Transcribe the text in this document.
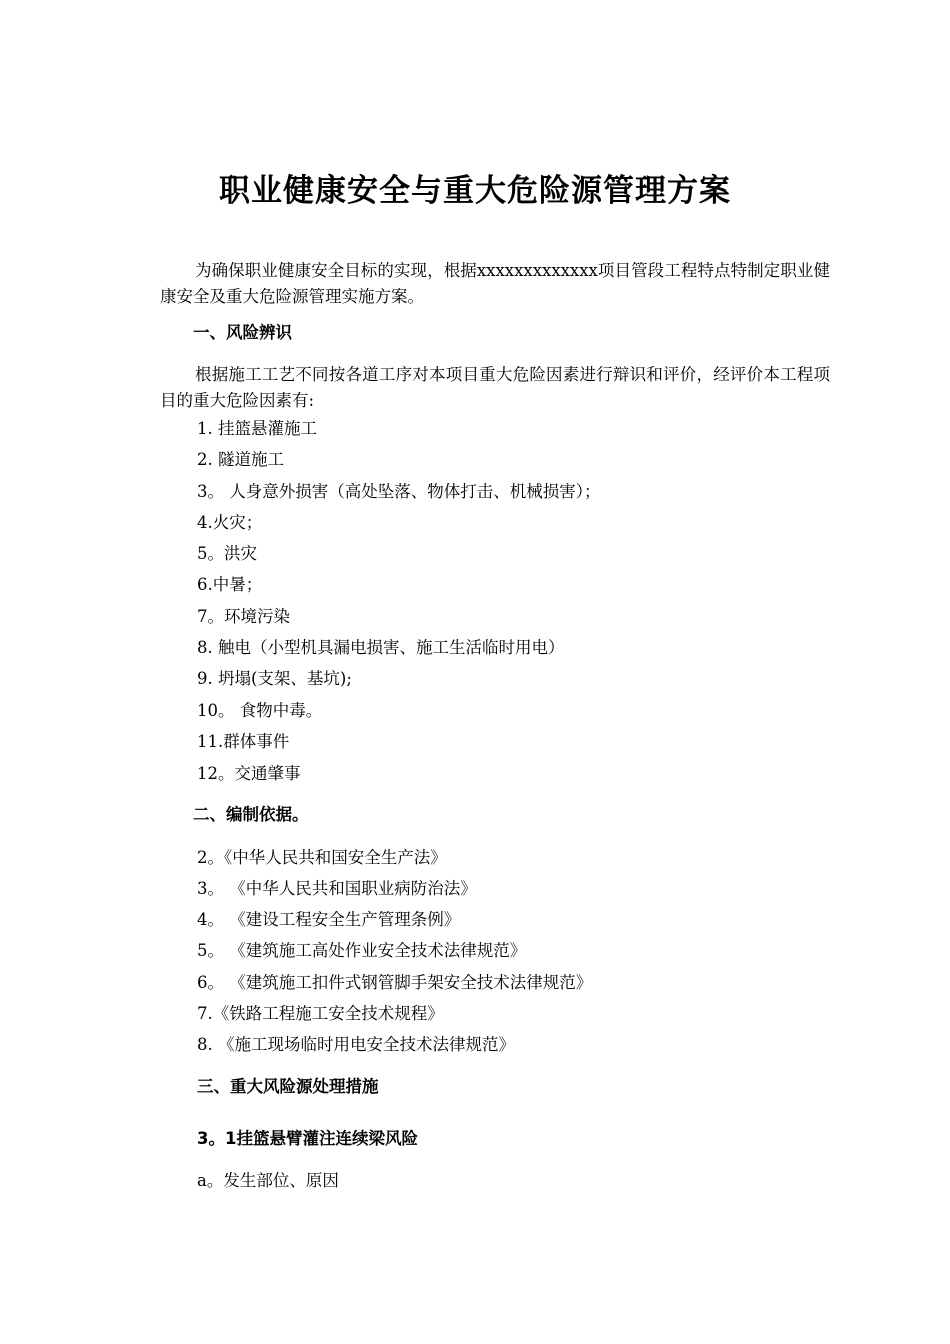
职业健康安全与重大危险源管理方案
为确保职业健康安全目标的实现，根据xxxxxxxxxxxxx项目管段工程特点特制定职业健康安全及重大危险源管理实施方案。
一、风险辨识
根据施工工艺不同按各道工序对本项目重大危险因素进行辩识和评价，经评价本工程项目的重大危险因素有:
1. 挂篮悬灌施工
2. 隧道施工
3。 人身意外损害（高处坠落、物体打击、机械损害）；
4.火灾；
5。洪灾
6.中暑；
7。环境污染
8. 触电（小型机具漏电损害、施工生活临时用电）
9. 坍塌(支架、基坑);
10。 食物中毒。
11.群体事件
12。交通肇事
二、编制依据。
2。《中华人民共和国安全生产法》
3。 《中华人民共和国职业病防治法》
4。 《建设工程安全生产管理条例》
5。 《建筑施工高处作业安全技术法律规范》
6。 《建筑施工扣件式钢管脚手架安全技术法律规范》
7.《铁路工程施工安全技术规程》
8. 《施工现场临时用电安全技术法律规范》
三、重大风险源处理措施
3。1挂篮悬臂灌注连续梁风险
a。发生部位、原因
